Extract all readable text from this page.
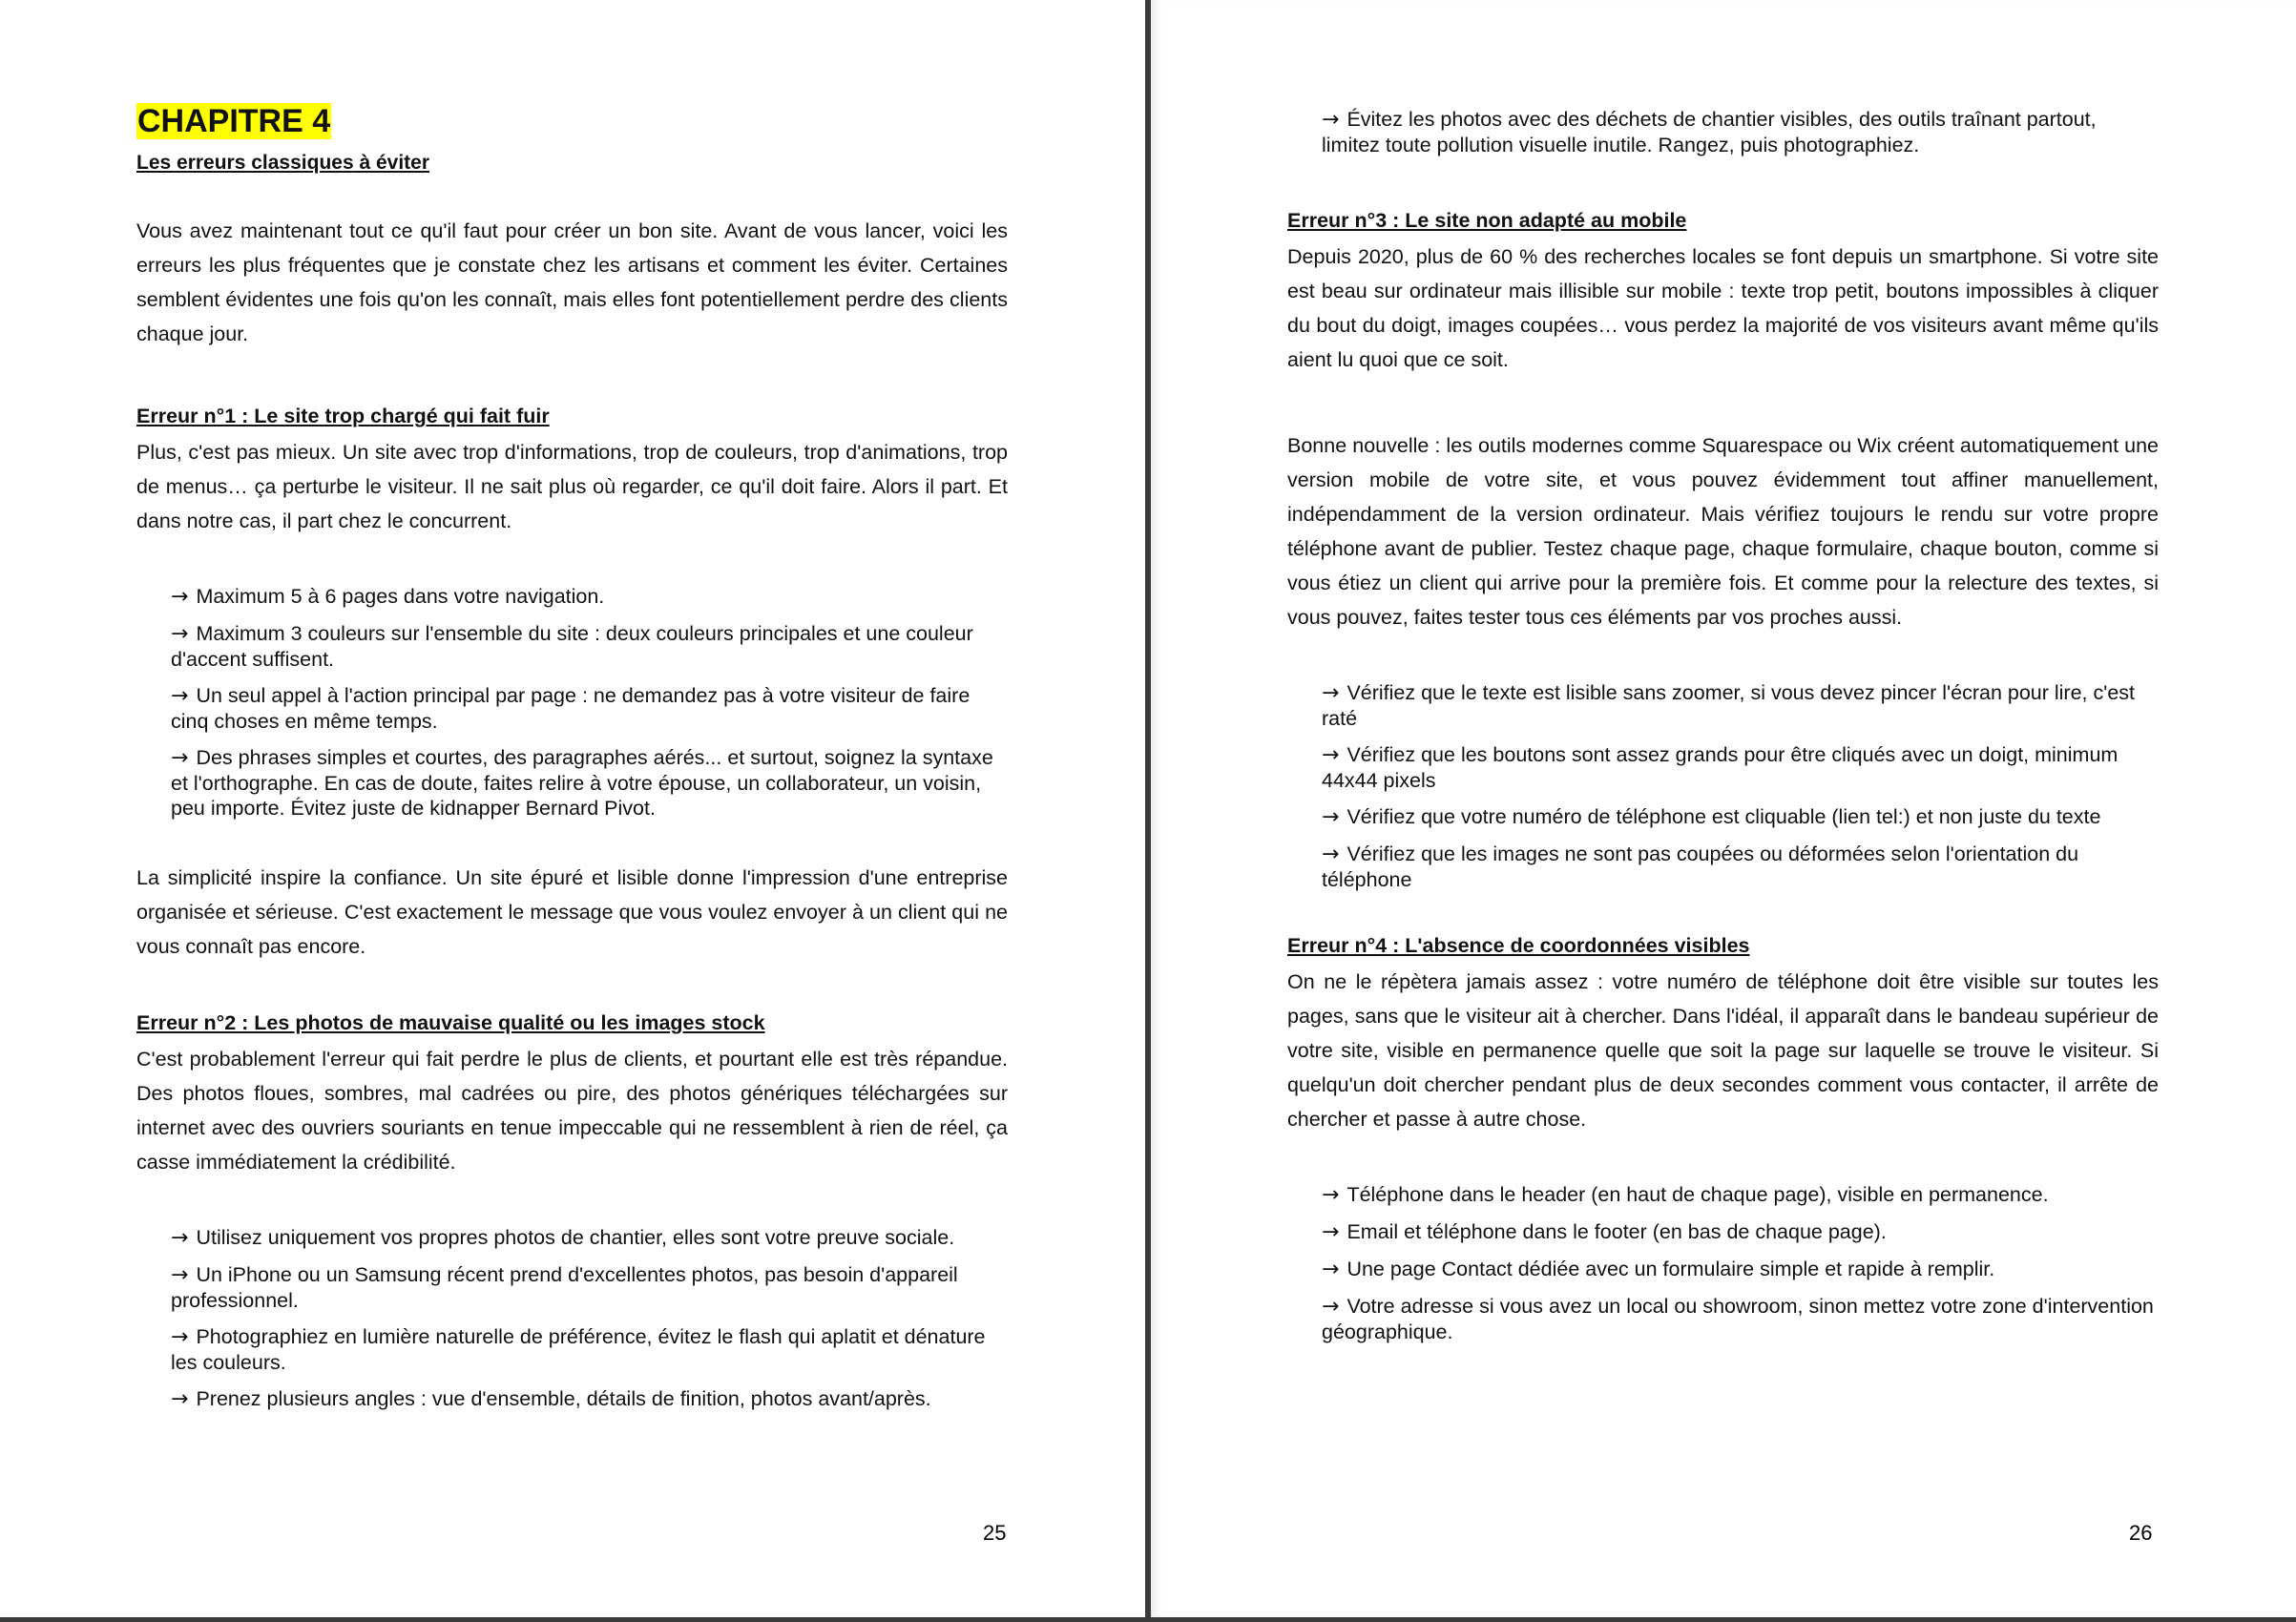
CHAPITRE 4

Les erreurs classiques à éviter

Vous avez maintenant tout ce qu'il faut pour créer un bon site. Avant de vous lancer, voici les erreurs les plus fréquentes que je constate chez les artisans et comment les éviter. Certaines semblent évidentes une fois qu'on les connaît, mais elles font potentiellement perdre des clients chaque jour.

Erreur n°1 : Le site trop chargé qui fait fuir

Plus, c'est pas mieux. Un site avec trop d'informations, trop de couleurs, trop d'animations, trop de menus… ça perturbe le visiteur. Il ne sait plus où regarder, ce qu'il doit faire. Alors il part. Et dans notre cas, il part chez le concurrent.

→ Maximum 5 à 6 pages dans votre navigation.
→ Maximum 3 couleurs sur l'ensemble du site : deux couleurs principales et une couleur d'accent suffisent.
→ Un seul appel à l'action principal par page : ne demandez pas à votre visiteur de faire cinq choses en même temps.
→ Des phrases simples et courtes, des paragraphes aérés... et surtout, soignez la syntaxe et l'orthographe. En cas de doute, faites relire à votre épouse, un collaborateur, un voisin, peu importe. Évitez juste de kidnapper Bernard Pivot.

La simplicité inspire la confiance. Un site épuré et lisible donne l'impression d'une entreprise organisée et sérieuse. C'est exactement le message que vous voulez envoyer à un client qui ne vous connaît pas encore.

Erreur n°2 : Les photos de mauvaise qualité ou les images stock

C'est probablement l'erreur qui fait perdre le plus de clients, et pourtant elle est très répandue. Des photos floues, sombres, mal cadrées ou pire, des photos génériques téléchargées sur internet avec des ouvriers souriants en tenue impeccable qui ne ressemblent à rien de réel, ça casse immédiatement la crédibilité.

→ Utilisez uniquement vos propres photos de chantier, elles sont votre preuve sociale.
→ Un iPhone ou un Samsung récent prend d'excellentes photos, pas besoin d'appareil professionnel.
→ Photographiez en lumière naturelle de préférence, évitez le flash qui aplatit et dénature les couleurs.
→ Prenez plusieurs angles : vue d'ensemble, détails de finition, photos avant/après.
→ Évitez les photos avec des déchets de chantier visibles, des outils traînant partout, limitez toute pollution visuelle inutile. Rangez, puis photographiez.

Erreur n°3 : Le site non adapté au mobile

Depuis 2020, plus de 60 % des recherches locales se font depuis un smartphone. Si votre site est beau sur ordinateur mais illisible sur mobile : texte trop petit, boutons impossibles à cliquer du bout du doigt, images coupées… vous perdez la majorité de vos visiteurs avant même qu'ils aient lu quoi que ce soit.

Bonne nouvelle : les outils modernes comme Squarespace ou Wix créent automatiquement une version mobile de votre site, et vous pouvez évidemment tout affiner manuellement, indépendamment de la version ordinateur. Mais vérifiez toujours le rendu sur votre propre téléphone avant de publier. Testez chaque page, chaque formulaire, chaque bouton, comme si vous étiez un client qui arrive pour la première fois. Et comme pour la relecture des textes, si vous pouvez, faites tester tous ces éléments par vos proches aussi.

→ Vérifiez que le texte est lisible sans zoomer, si vous devez pincer l'écran pour lire, c'est raté
→ Vérifiez que les boutons sont assez grands pour être cliqués avec un doigt, minimum 44x44 pixels
→ Vérifiez que votre numéro de téléphone est cliquable (lien tel:) et non juste du texte
→ Vérifiez que les images ne sont pas coupées ou déformées selon l'orientation du téléphone

Erreur n°4 : L'absence de coordonnées visibles

On ne le répètera jamais assez : votre numéro de téléphone doit être visible sur toutes les pages, sans que le visiteur ait à chercher. Dans l'idéal, il apparaît dans le bandeau supérieur de votre site, visible en permanence quelle que soit la page sur laquelle se trouve le visiteur. Si quelqu'un doit chercher pendant plus de deux secondes comment vous contacter, il arrête de chercher et passe à autre chose.

→ Téléphone dans le header (en haut de chaque page), visible en permanence.
→ Email et téléphone dans le footer (en bas de chaque page).
→ Une page Contact dédiée avec un formulaire simple et rapide à remplir.
→ Votre adresse si vous avez un local ou showroom, sinon mettez votre zone d'intervention géographique.
25	26
